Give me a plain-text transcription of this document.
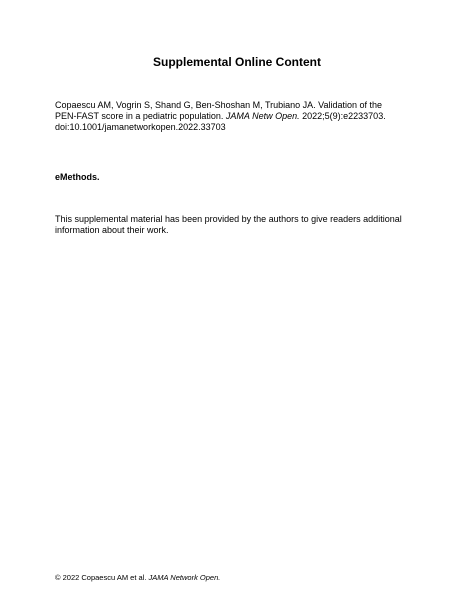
Supplemental Online Content
Copaescu AM, Vogrin S, Shand G, Ben-Shoshan M, Trubiano JA. Validation of the
PEN-FAST score in a pediatric population. JAMA Netw Open. 2022;5(9):e2233703.
doi:10.1001/jamanetworkopen.2022.33703
eMethods.
This supplemental material has been provided by the authors to give readers additional
information about their work.
© 2022 Copaescu AM et al. JAMA Network Open.
